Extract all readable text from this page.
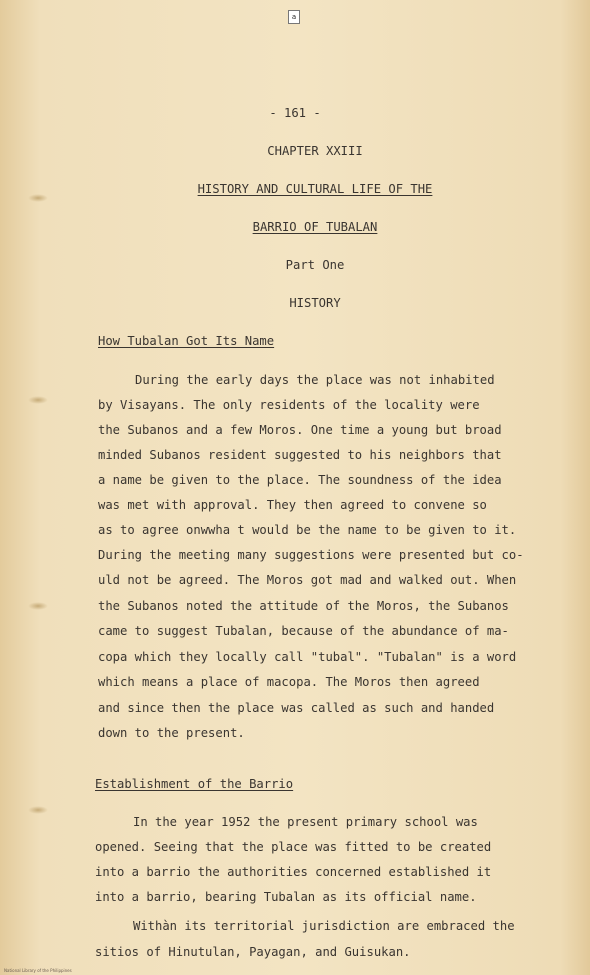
a
- 161 -
CHAPTER XXIII
HISTORY AND CULTURAL LIFE OF THE
BARRIO OF TUBALAN
Part One
HISTORY
How Tubalan Got Its Name
During the early days the place was not inhabited
by Visayans. The only residents of the locality were
the Subanos and a few Moros. One time a young but broad
minded Subanos resident suggested to his neighbors that
a name be given to the place. The soundness of the idea
was met with approval. They then agreed to convene so
as to agree onwwha t would be the name to be given to it.
During the meeting many suggestions were presented but co-
uld not be agreed. The Moros got mad and walked out. When
the Subanos noted the attitude of the Moros, the Subanos
came to suggest Tubalan, because of the abundance of ma-
copa which they locally call "tubal". "Tubalan" is a word
which means a place of macopa. The Moros then agreed
and since then the place was called as such and handed
down to the present.
Establishment of the Barrio
In the year 1952 the present primary school was
opened. Seeing that the place was fitted to be created
into a barrio the authorities concerned established it
into a barrio, bearing Tubalan as its official name.
Withàn its territorial jurisdiction are embraced the
sitios of Hinutulan, Payagan, and Guisukan.
National Library of the Philippines
